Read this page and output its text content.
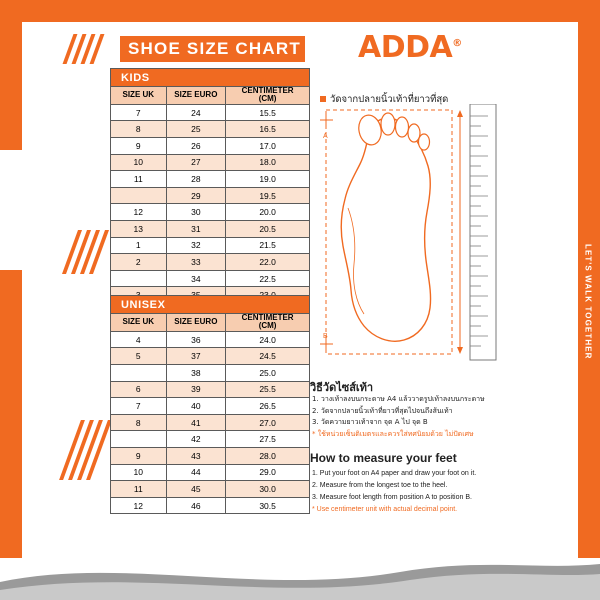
LET'S WALK TOGETHER
SHOE SIZE CHART ADDA®
KIDS		
SIZE UK	SIZE EURO	CENTIMETER
(CM)
7	24	15.5
8	25	16.5
9	26	17.0
10	27	18.0
11	28	19.0
	29	19.5
12	30	20.0
13	31	20.5
1	32	21.5
2	33	22.0
	34	22.5

UNISEX		
SIZE UK	SIZE EURO	CENTIMETER
(CM)
4	36	24.0
5	37	24.5
	38	25.0
6	39	25.5
7	40	26.5
8	41	27.0
	42	27.5
9	43	28.0
10	44	29.0
11	45	30.0
12	46	30.5
วัดจากปลายนิ้วเท้าที่ยาวที่สุด
A
B
วิธีวัดไซส์เท้า
1. วางเท้าลงบนกระดาษ A4 แล้ววาดรูปเท้าลงบนกระดาษ
2. วัดจากปลายนิ้วเท้าที่ยาวที่สุดไปจนถึงส้นเท้า
3. วัดความยาวเท้าจาก จุด A ไป จุด B
* ใช้หน่วยเซ็นติเมตรและควรใส่ทศนิยมด้วย ไม่ปัดเศษ
How to measure your feet
1. Put your foot on A4 paper and draw your foot on it.
2. Measure from the longest toe to the heel.
3. Measure foot length from position A to position B.
* Use centimeter unit with actual decimal point.
